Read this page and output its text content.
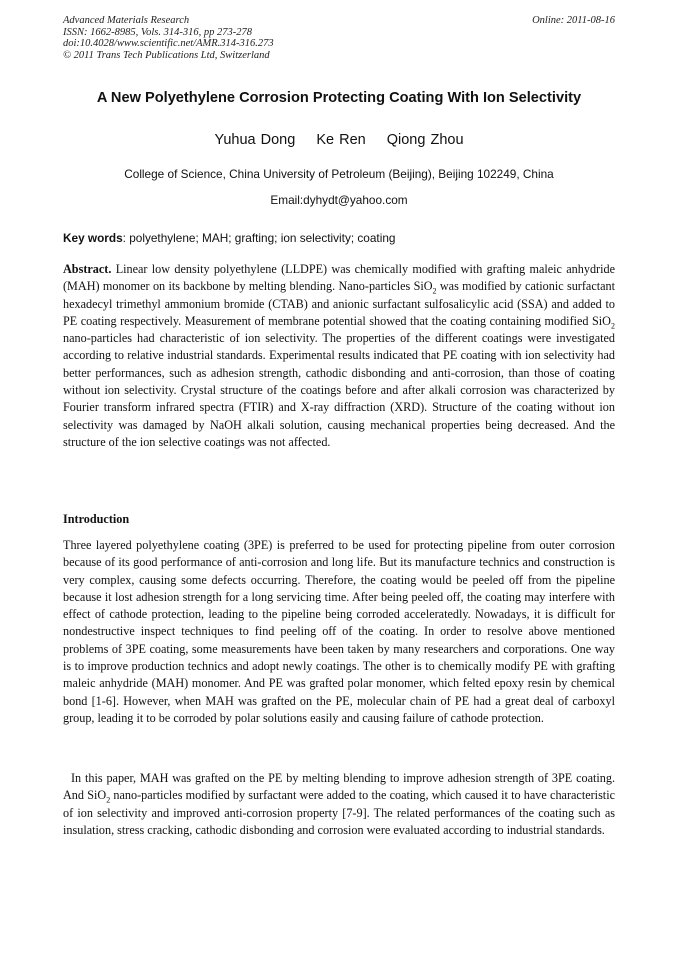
Advanced Materials Research
ISSN: 1662-8985, Vols. 314-316, pp 273-278
doi:10.4028/www.scientific.net/AMR.314-316.273
© 2011 Trans Tech Publications Ltd, Switzerland
Online: 2011-08-16
A New Polyethylene Corrosion Protecting Coating With Ion Selectivity
Yuhua Dong Ke Ren Qiong Zhou
College of Science, China University of Petroleum (Beijing), Beijing 102249, China
Email:dyhydt@yahoo.com
Key words: polyethylene; MAH; grafting; ion selectivity; coating
Abstract. Linear low density polyethylene (LLDPE) was chemically modified with grafting maleic anhydride (MAH) monomer on its backbone by melting blending. Nano-particles SiO$_2$ was modified by cationic surfactant hexadecyl trimethyl ammonium bromide (CTAB) and anionic surfactant sulfosalicylic acid (SSA) and added to PE coating respectively. Measurement of membrane potential showed that the coating containing modified SiO$_2$ nano-particles had characteristic of ion selectivity. The properties of the different coatings were investigated according to relative industrial standards. Experimental results indicated that PE coating with ion selectivity had better performances, such as adhesion strength, cathodic disbonding and anti-corrosion, than those of coating without ion selectivity. Crystal structure of the coatings before and after alkali corrosion was characterized by Fourier transform infrared spectra (FTIR) and X-ray diffraction (XRD). Structure of the coating without ion selectivity was damaged by NaOH alkali solution, causing mechanical properties being decreased. And the structure of the ion selective coatings was not affected.
Introduction
Three layered polyethylene coating (3PE) is preferred to be used for protecting pipeline from outer corrosion because of its good performance of anti-corrosion and long life. But its manufacture technics and construction is very complex, causing some defects occurring. Therefore, the coating would be peeled off from the pipeline because it lost adhesion strength for a long servicing time. After being peeled off, the coating may interfere with effect of cathode protection, leading to the pipeline being corroded acceleratedly. Nowadays, it is difficult for nondestructive inspect techniques to find peeling off of the coating. In order to resolve above mentioned problems of 3PE coating, some measurements have been taken by many researchers and corporations. One way is to improve production technics and adopt newly coatings. The other is to chemically modify PE with grafting maleic anhydride (MAH) monomer. And PE was grafted polar monomer, which felted epoxy resin by chemical bond [1-6]. However, when MAH was grafted on the PE, molecular chain of PE had a great deal of carboxyl group, leading it to be corroded by polar solutions easily and causing failure of cathode protection.
In this paper, MAH was grafted on the PE by melting blending to improve adhesion strength of 3PE coating. And SiO$_2$ nano-particles modified by surfactant were added to the coating, which caused it to have characteristic of ion selectivity and improved anti-corrosion property [7-9]. The related performances of the coating such as insulation, stress cracking, cathodic disbonding and corrosion were evaluated according to industrial standards.
